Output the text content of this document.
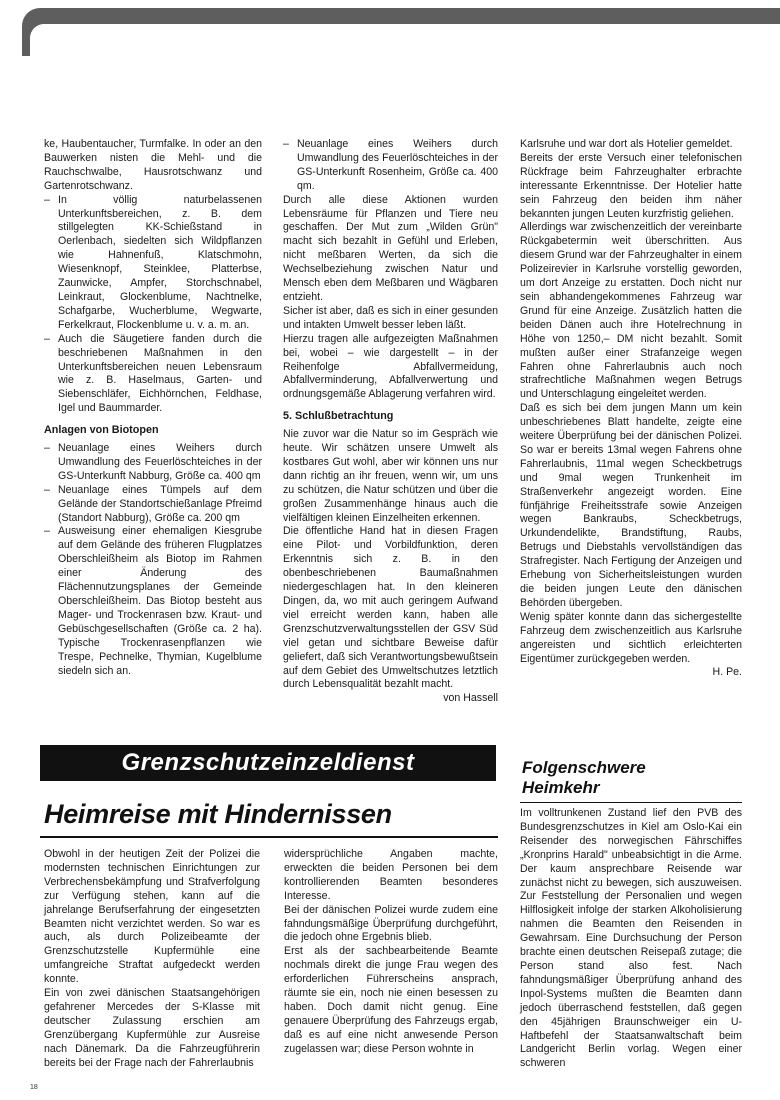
ke, Haubentaucher, Turmfalke. In oder an den Bauwerken nisten die Mehl- und die Rauchschwalbe, Hausrotschwanz und Gartenrotschwanz.

– In völlig naturbelassenen Unterkunftsbereichen, z. B. dem stillgelegten KK-Schießstand in Oerlenbach, siedelten sich Wildpflanzen wie Hahnenfuß, Klatschmohn, Wiesenknopf, Steinklee, Platterbse, Zaunwicke, Ampfer, Storchschnabel, Leinkraut, Glockenblume, Nachtnelke, Schafgarbe, Wucherblume, Wegwarte, Ferkelkraut, Flockenblume u. v. a. m. an.
– Auch die Säugetiere fanden durch die beschriebenen Maßnahmen in den Unterkunftsbereichen neuen Lebensraum wie z. B. Haselmaus, Garten- und Siebenschläfer, Eichhörnchen, Feldhase, Igel und Baummarder.
Anlagen von Biotopen
– Neuanlage eines Weihers durch Umwandlung des Feuerlöschteiches in der GS-Unterkunft Nabburg, Größe ca. 400 qm
– Neuanlage eines Tümpels auf dem Gelände der Standortschießanlage Pfreimd (Standort Nabburg), Größe ca. 200 qm
– Ausweisung einer ehemaligen Kiesgrube auf dem Gelände des früheren Flugplatzes Oberschleißheim als Biotop im Rahmen einer Änderung des Flächennutzungsplanes der Gemeinde Oberschleißheim. Das Biotop besteht aus Mager- und Trockenrasen bzw. Kraut- und Gebüschgesellschaften (Größe ca. 2 ha). Typische Trockenrasenpflanzen wie Trespe, Pechnelke, Thymian, Kugelblume siedeln sich an.
– Neuanlage eines Weihers durch Umwandlung des Feuerlöschteiches in der GS-Unterkunft Rosenheim, Größe ca. 400 qm.

Durch alle diese Aktionen wurden Lebensräume für Pflanzen und Tiere neu geschaffen. Der Mut zum „Wilden Grün" macht sich bezahlt in Gefühl und Erleben, nicht meßbaren Werten, da sich die Wechselbeziehung zwischen Natur und Mensch eben dem Meßbaren und Wägbaren entzieht.

Sicher ist aber, daß es sich in einer gesunden und intakten Umwelt besser leben läßt.

Hierzu tragen alle aufgezeigten Maßnahmen bei, wobei – wie dargestellt – in der Reihenfolge Abfallvermeidung, Abfallverminderung, Abfallverwertung und ordnungsgemäße Ablagerung verfahren wird.

5. Schlußbetrachtung

Nie zuvor war die Natur so im Gespräch wie heute. Wir schätzen unsere Umwelt als kostbares Gut wohl, aber wir können uns nur dann richtig an ihr freuen, wenn wir, um uns zu schützen, die Natur schützen und über die großen Zusammenhänge hinaus auch die vielfältigen kleinen Einzelheiten erkennen.

Die öffentliche Hand hat in diesen Fragen eine Pilot- und Vorbildfunktion, deren Erkenntnis sich z. B. in den obenbeschriebenen Baumaßnahmen niedergeschlagen hat. In den kleineren Dingen, da, wo mit auch geringem Aufwand viel erreicht werden kann, haben alle Grenzschutzverwaltungsstellen der GSV Süd viel getan und sichtbare Beweise dafür geliefert, daß sich Verantwortungsbewußtsein auf dem Gebiet des Umweltschutzes letztlich durch Lebensqualität bezahlt macht.

von Hassell

Karlsruhe und war dort als Hotelier gemeldet.

Bereits der erste Versuch einer telefonischen Rückfrage beim Fahrzeughalter erbrachte interessante Erkenntnisse. Der Hotelier hatte sein Fahrzeug den beiden ihm näher bekannten jungen Leuten kurzfristig geliehen.

Allerdings war zwischenzeitlich der vereinbarte Rückgabetermin weit überschritten. Aus diesem Grund war der Fahrzeughalter in einem Polizeirevier in Karlsruhe vorstellig geworden, um dort Anzeige zu erstatten. Doch nicht nur sein abhandengekommenes Fahrzeug war Grund für eine Anzeige. Zusätzlich hatten die beiden Dänen auch ihre Hotelrechnung in Höhe von 1250,– DM nicht bezahlt. Somit mußten außer einer Strafanzeige wegen Fahren ohne Fahrerlaubnis auch noch strafrechtliche Maßnahmen wegen Betrugs und Unterschlagung eingeleitet werden.

Daß es sich bei dem jungen Mann um kein unbeschriebenes Blatt handelte, zeigte eine weitere Überprüfung bei der dänischen Polizei. So war er bereits 13mal wegen Fahrens ohne Fahrerlaubnis, 11mal wegen Scheckbetrugs und 9mal wegen Trunkenheit im Straßenverkehr angezeigt worden. Eine fünfjährige Freiheitsstrafe sowie Anzeigen wegen Bankraubs, Scheckbetrugs, Urkundendelikte, Brandstiftung, Raubs, Betrugs und Diebstahls vervollständigen das Strafregister. Nach Fertigung der Anzeigen und Erhebung von Sicherheitsleistungen wurden die beiden jungen Leute den dänischen Behörden übergeben.

Wenig später konnte dann das sichergestellte Fahrzeug dem zwischenzeitlich aus Karlsruhe angereisten und sichtlich erleichterten Eigentümer zurückgegeben werden.

H. Pe.

Grenzschutzeinzeldienst	Folgenschwere Heimkehr
Heimreise mit Hindernissen

Obwohl in der heutigen Zeit der Polizei die modernsten technischen Einrichtungen zur Verbrechensbekämpfung und Strafverfolgung zur Verfügung stehen, kann auf die jahrelange Berufserfahrung der eingesetzten Beamten nicht verzichtet werden. So war es auch, als durch Polizeibeamte der Grenzschutzstelle Kupfermühle eine umfangreiche Straftat aufgedeckt werden konnte.

Ein von zwei dänischen Staatsangehörigen gefahrener Mercedes der S-Klasse mit deutscher Zulassung erschien am Grenzübergang Kupfermühle zur Ausreise nach Dänemark. Da die Fahrzeugführerin bereits bei der Frage nach der Fahrerlaubnis

widersprüchliche Angaben machte, erweckten die beiden Personen bei dem kontrollierenden Beamten besonderes Interesse.

Bei der dänischen Polizei wurde zudem eine fahndungsmäßige Überprüfung durchgeführt, die jedoch ohne Ergebnis blieb.

Erst als der sachbearbeitende Beamte nochmals direkt die junge Frau wegen des erforderlichen Führerscheins ansprach, räumte sie ein, noch nie einen besessen zu haben. Doch damit nicht genug. Eine genauere Überprüfung des Fahrzeugs ergab, daß es auf eine nicht anwesende Person zugelassen war; diese Person wohnte in

Im volltrunkenen Zustand lief den PVB des Bundesgrenzschutzes in Kiel am Oslo-Kai ein Reisender des norwegischen Fährschiffes „Kronprins Harald" unbeabsichtigt in die Arme. Der kaum ansprechbare Reisende war zunächst nicht zu bewegen, sich auszuweisen. Zur Feststellung der Personalien und wegen Hilflosigkeit infolge der starken Alkoholisierung nahmen die Beamten den Reisenden in Gewahrsam. Eine Durchsuchung der Person brachte einen deutschen Reisepaß zutage; die Person stand also fest. Nach fahndungsmäßiger Überprüfung anhand des Inpol-Systems mußten die Beamten dann jedoch überraschend feststellen, daß gegen den 45jährigen Braunschweiger ein U-Haftbefehl der Staatsanwaltschaft beim Landgericht Berlin vorlag. Wegen einer schweren

18
